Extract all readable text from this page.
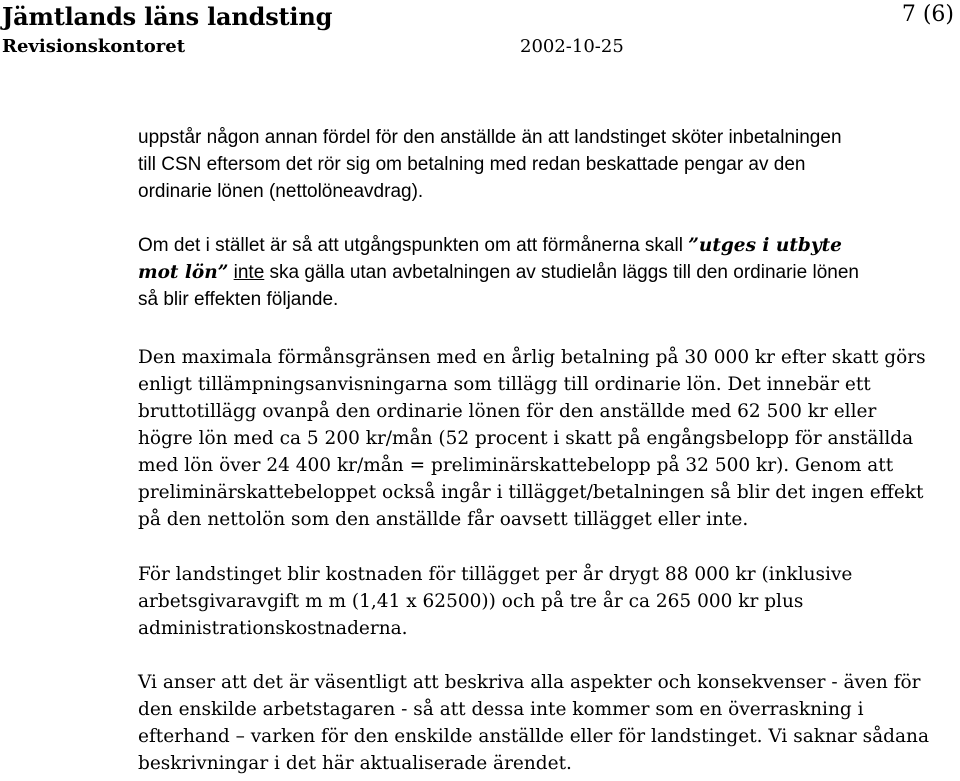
Jämtlands läns landsting
Revisionskontoret	2002-10-25
7 (6)
uppstår någon annan fördel för den anställde än att landstinget sköter inbetalningen
till CSN eftersom det rör sig om betalning med redan beskattade pengar av den
ordinarie lönen (nettolöneavdrag).
Om det i stället är så att utgångspunkten om att förmånerna skall ”utges i utbyte
mot lön” inte ska gälla utan avbetalningen av studielån läggs till den ordinarie lönen
så blir effekten följande.
Den maximala förmånsgränsen med en årlig betalning på 30 000 kr efter skatt görs
enligt tillämpningsanvisningarna som tillägg till ordinarie lön. Det innebär ett
bruttotillägg ovanpå den ordinarie lönen för den anställde med 62 500 kr eller
högre lön med ca 5 200 kr/mån (52 procent i skatt på engångsbelopp för anställda
med lön över 24 400 kr/mån = preliminärskattebelopp på 32 500 kr). Genom att
preliminärskattebeloppet också ingår i tillägget/betalningen så blir det ingen effekt
på den nettolön som den anställde får oavsett tillägget eller inte.
För landstinget blir kostnaden för tillägget per år drygt 88 000 kr (inklusive
arbetsgivaravgift m m (1,41 x 62500)) och på tre år ca 265 000 kr plus
administrationskostnaderna.
Vi anser att det är väsentligt att beskriva alla aspekter och konsekvenser - även för
den enskilde arbetstagaren - så att dessa inte kommer som en överraskning i
efterhand – varken för den enskilde anställde eller för landstinget. Vi saknar sådana
beskrivningar i det här aktualiserade ärendet.
